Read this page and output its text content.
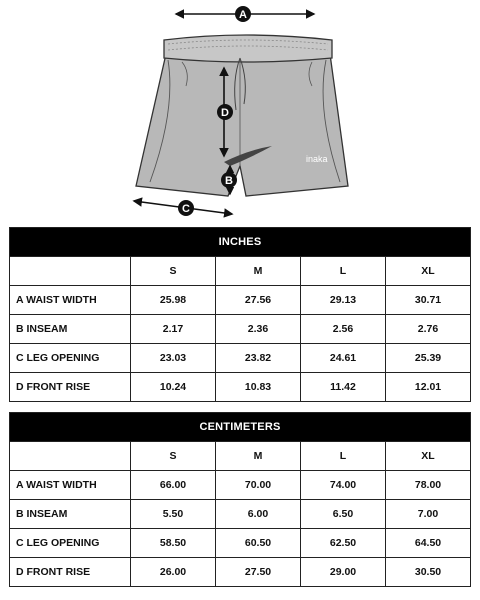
inaka
A
D
B
C
INCHES				
	S	M	L	XL
A WAIST WIDTH	25.98	27.56	29.13	30.71
B INSEAM	2.17	2.36	2.56	2.76
C LEG OPENING	23.03	23.82	24.61	25.39
D FRONT RISE	10.24	10.83	11.42	12.01
CENTIMETERS				
	S	M	L	XL
A WAIST WIDTH	66.00	70.00	74.00	78.00
B INSEAM	5.50	6.00	6.50	7.00
C LEG OPENING	58.50	60.50	62.50	64.50
D FRONT RISE	26.00	27.50	29.00	30.50
